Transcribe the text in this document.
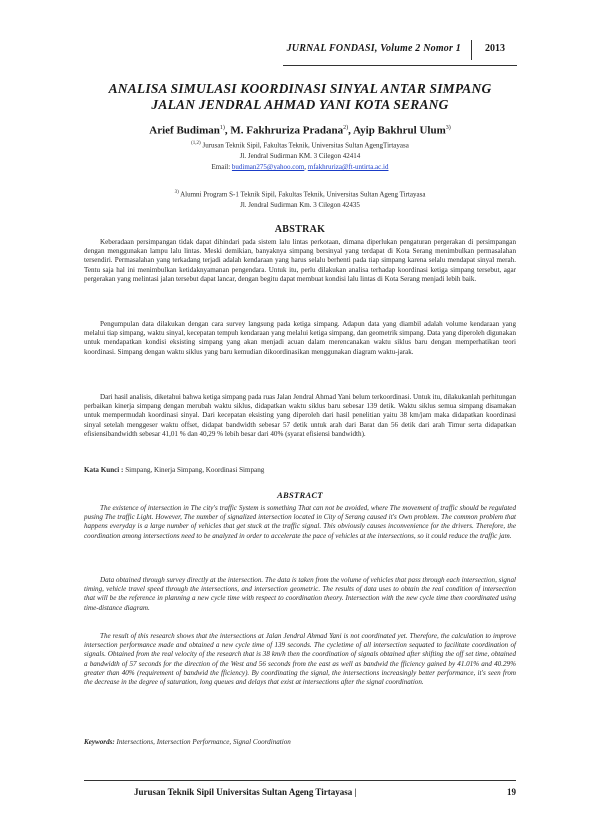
JURNAL FONDASI, Volume 2 Nomor 1 2013
ANALISA SIMULASI KOORDINASI SINYAL ANTAR SIMPANG
JALAN JENDRAL AHMAD YANI KOTA SERANG
Arief Budiman$^{1)}$, M. Fakhruriza Pradana$^{2)}$, Ayip Bakhrul Ulum$^{3)}$
$^{(1,2)}$ Jurusan Teknik Sipil, Fakultas Teknik, Universitas Sultan AgengTirtayasa
Jl. Jendral Sudirman KM. 3 Cilegon 42414
Email: budiman275@yahoo.com, mfakhruriza@ft-untirta.ac.id
$^{3)}$ Alumni Program S-1 Teknik Sipil, Fakultas Teknik, Universitas Sultan Ageng Tirtayasa
Jl. Jendral Sudirman Km. 3 Cilegon 42435
ABSTRAK
Keberadaan persimpangan tidak dapat dihindari pada sistem lalu lintas perkotaan, dimana diperlukan pengaturan pergerakan di persimpangan dengan menggunakan lampu lalu lintas. Meski demikian, banyaknya simpang bersinyal yang terdapat di Kota Serang menimbulkan permasalahan tersendiri. Permasalahan yang terkadang terjadi adalah kendaraan yang harus selalu berhenti pada tiap simpang karena selalu mendapat sinyal merah. Tentu saja hal ini menimbulkan ketidaknyamanan pengendara. Untuk itu, perlu dilakukan analisa terhadap koordinasi ketiga simpang tersebut, agar pergerakan yang melintasi jalan tersebut dapat lancar, dengan begitu dapat membuat kondisi lalu lintas di Kota Serang menjadi lebih baik.
Pengumpulan data dilakukan dengan cara survey langsung pada ketiga simpang. Adapun data yang diambil adalah volume kendaraan yang melalui tiap simpang, waktu sinyal, kecepatan tempuh kendaraan yang melalui ketiga simpang, dan geometrik simpang. Data yang diperoleh digunakan untuk mendapatkan kondisi eksisting simpang yang akan menjadi acuan dalam merencanakan waktu siklus baru dengan memperhatikan teori koordinasi. Simpang dengan waktu siklus yang baru kemudian dikoordinasikan menggunakan diagram waktu-jarak.
Dari hasil analisis, diketahui bahwa ketiga simpang pada ruas Jalan Jendral Ahmad Yani belum terkoordinasi. Untuk itu, dilakukanlah perhitungan perbaikan kinerja simpang dengan merubah waktu siklus, didapatkan waktu siklus baru sebesar 139 detik. Waktu siklus semua simpang disamakan untuk mempermudah koordinasi sinyal. Dari kecepatan eksisting yang diperoleh dari hasil penelitian yaitu 38 km/jam maka didapatkan koordinasi sinyal setelah menggeser waktu offset, didapat bandwidth sebesar 57 detik untuk arah dari Barat dan 56 detik dari arah Timur serta didapatkan efisiensibandwidth sebesar 41,01 % dan 40,29 % lebih besar dari 40% (syarat efisiensi bandwidth).
Kata Kunci : Simpang, Kinerja Simpang, Koordinasi Simpang
ABSTRACT
The existence of intersection in The city's traffic System is something That can not be avoided, where The movement of traffic should be regulated pusing The traffic Light. However, The number of signalized intersection located in City of Serang caused it's Own problem. The common problem that happens everyday is a large number of vehicles that get stuck at the traffic signal. This obviously causes inconvenience for the drivers. Therefore, the coordination among intersections need to be analyzed in order to accelerate the pace of vehicles at the intersections, so it could reduce the traffic jam.
Data obtained through survey directly at the intersection. The data is taken from the volume of vehicles that pass through each intersection, signal timing, vehicle travel speed through the intersections, and intersection geometric. The results of data uses to obtain the real condition of intersection that will be the reference in planning a new cycle time with respect to coordination theory. Intersection with the new cycle time then coordinated using time-distance diagram.
The result of this research shows that the intersections at Jalan Jendral Ahmad Yani is not coordinated yet. Therefore, the calculation to improve intersection performance made and obtained a new cycle time of 139 seconds. The cycletime of all intersection sequated to facilitate coordination of signals. Obtained from the real velocity of the research that is 38 km/h then the coordination of signals obtained after shifting the off set time, obtained a bandwidth of 57 seconds for the direction of the West and 56 seconds from the east as well as bandwid the fficiency gained by 41.01% and 40.29% greater than 40% (requirement of bandwid the fficiency). By coordinating the signal, the intersections increasingly better performance, it's seen from the decrease in the degree of saturation, long queues and delays that exist at intersections after the signal coordination.
Keywords: Intersections, Intersection Performance, Signal Coordination
Jurusan Teknik Sipil Universitas Sultan Ageng Tirtayasa |	19
